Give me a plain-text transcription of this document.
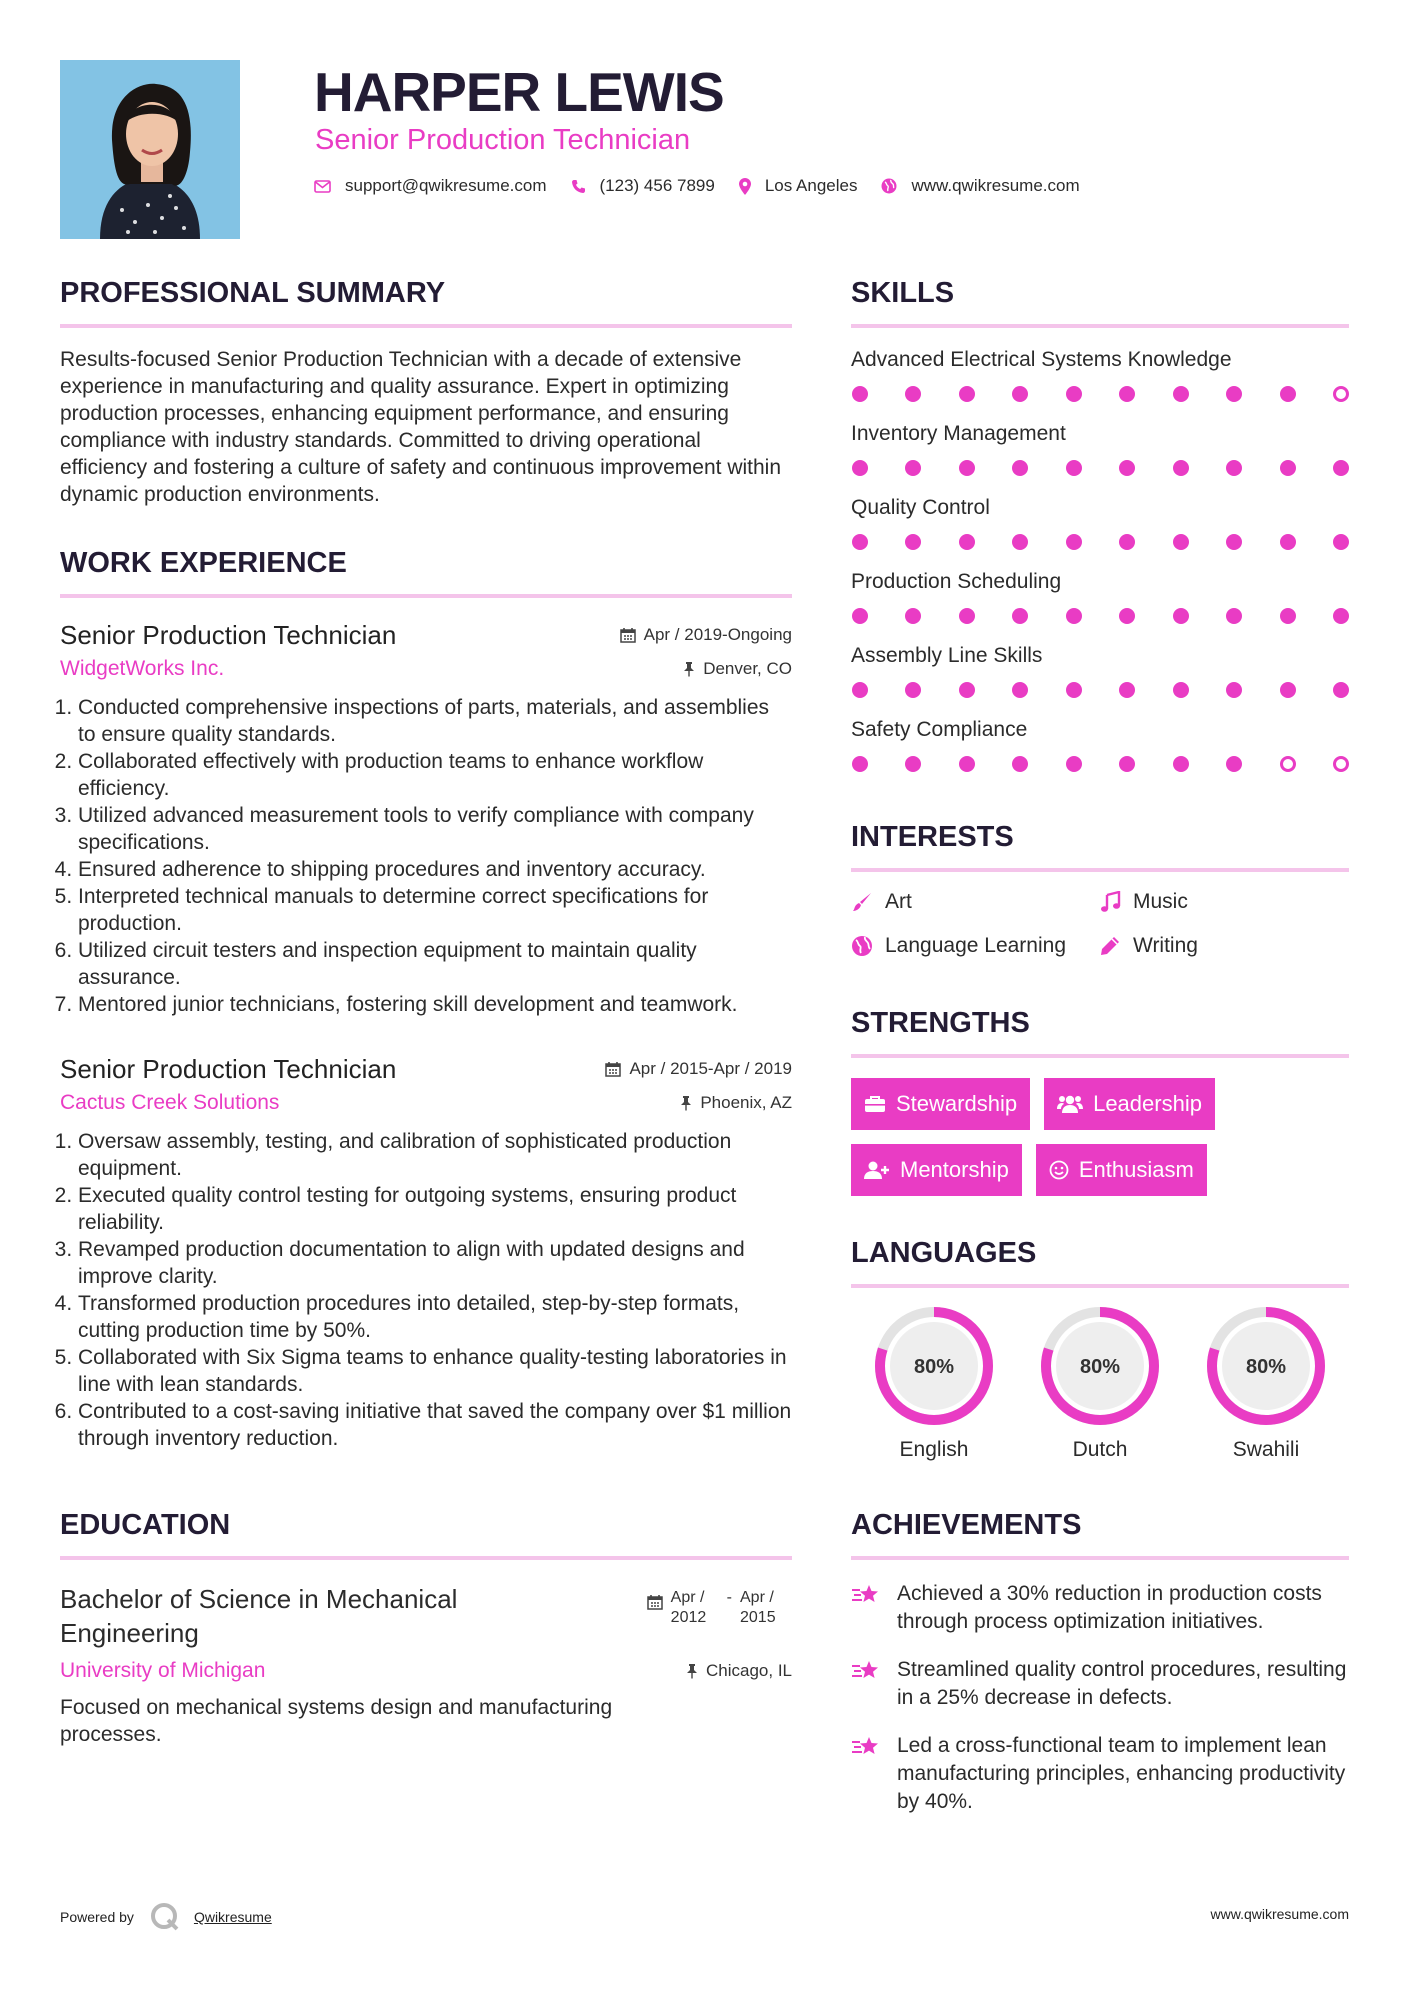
HARPER LEWIS
Senior Production Technician
support@qwikresume.com	(123) 456 7899	Los Angeles	www.qwikresume.com
PROFESSIONAL SUMMARY

Results-focused Senior Production Technician with a decade of extensive experience in manufacturing and quality assurance. Expert in optimizing production processes, enhancing equipment performance, and ensuring compliance with industry standards. Committed to driving operational efficiency and fostering a culture of safety and continuous improvement within dynamic production environments.

WORK EXPERIENCE
Senior Production Technician
WidgetWorks Inc.
Apr / 2019-Ongoing
Denver, CO
1. Conducted comprehensive inspections of parts, materials, and assemblies to ensure quality standards.
2. Collaborated effectively with production teams to enhance workflow efficiency.
3. Utilized advanced measurement tools to verify compliance with company specifications.
4. Ensured adherence to shipping procedures and inventory accuracy.
5. Interpreted technical manuals to determine correct specifications for production.
6. Utilized circuit testers and inspection equipment to maintain quality assurance.
7. Mentored junior technicians, fostering skill development and teamwork.
Senior Production Technician
Cactus Creek Solutions
Apr / 2015-Apr / 2019
Phoenix, AZ
1. Oversaw assembly, testing, and calibration of sophisticated production equipment.
2. Executed quality control testing for outgoing systems, ensuring product reliability.
3. Revamped production documentation to align with updated designs and improve clarity.
4. Transformed production procedures into detailed, step-by-step formats, cutting production time by 50%.
5. Collaborated with Six Sigma teams to enhance quality-testing laboratories in line with lean standards.
6. Contributed to a cost-saving initiative that saved the company over $1 million through inventory reduction.
EDUCATION
Bachelor of Science in Mechanical Engineering
Apr / 2012
- Apr / 2015
University of Michigan	Chicago, IL

Focused on mechanical systems design and manufacturing processes.

SKILLS
Advanced Electrical Systems Knowledge
Inventory Management
Quality Control
Production Scheduling
Assembly Line Skills
Safety Compliance
INTERESTS
Art	Music
Language Learning	Writing
STRENGTHS
Stewardship	Leadership
Mentorship	Enthusiasm
LANGUAGES
80%
English
80%
Dutch
80%
Swahili
ACHIEVEMENTS
Achieved a 30% reduction in production costs through process optimization initiatives.
Streamlined quality control procedures, resulting in a 25% decrease in defects.
Led a cross-functional team to implement lean manufacturing principles, enhancing productivity by 40%.
Powered by	Qwikresume	www.qwikresume.com
